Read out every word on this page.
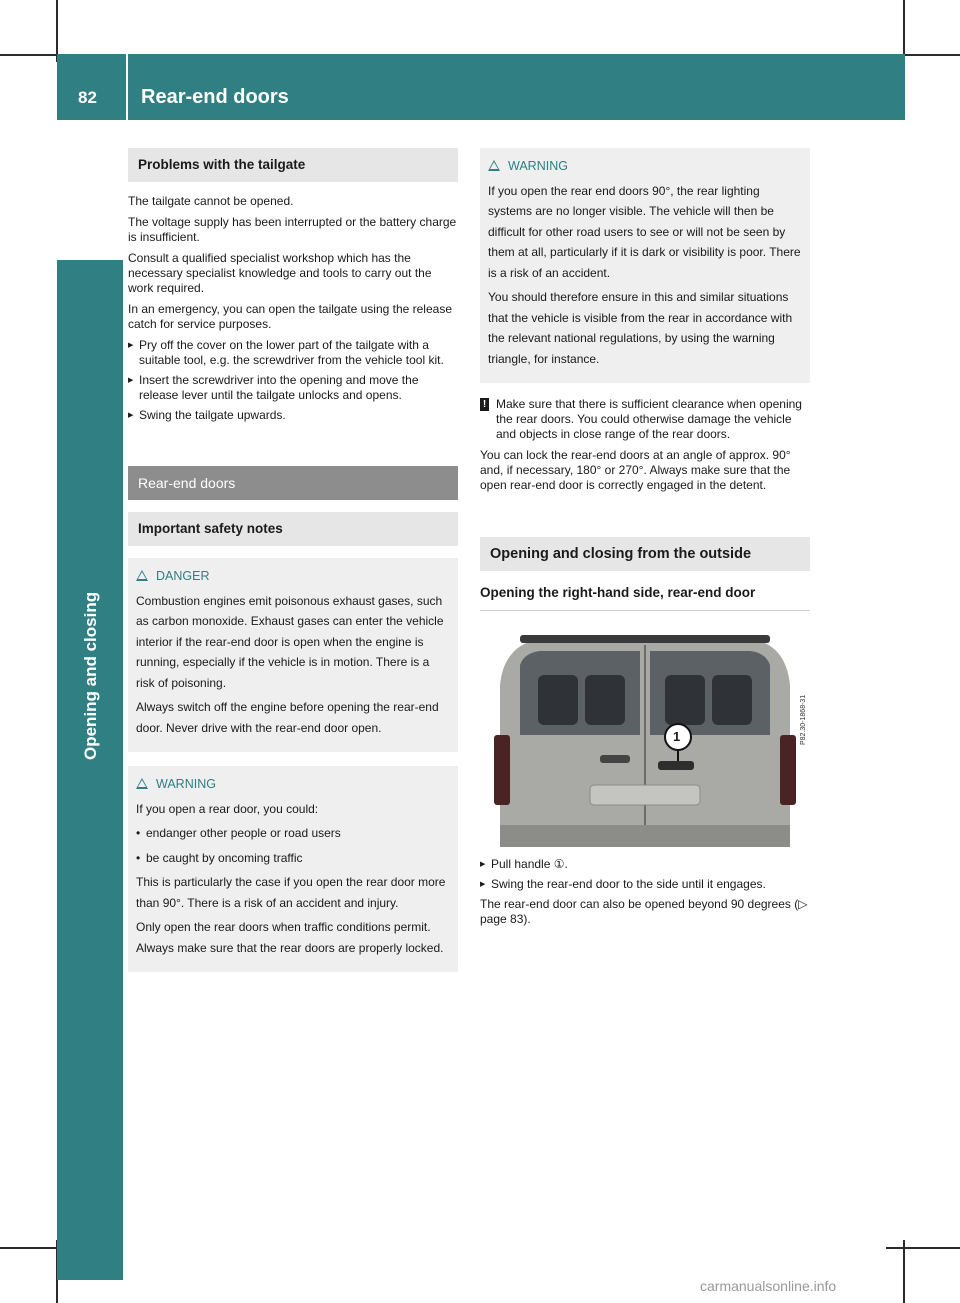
82 Rear-end doors
Opening and closing
Problems with the tailgate

The tailgate cannot be opened.

The voltage supply has been interrupted or the battery charge is insufficient.

Consult a qualified specialist workshop which has the necessary specialist knowledge and tools to carry out the work required.

In an emergency, you can open the tailgate using the release catch for service purposes.

▶ Pry off the cover on the lower part of the tailgate with a suitable tool, e.g. the screwdriver from the vehicle tool kit.
▶ Insert the screwdriver into the opening and move the release lever until the tailgate unlocks and opens.
▶ Swing the tailgate upwards.
Rear-end doors
Important safety notes
DANGER

Combustion engines emit poisonous exhaust gases, such as carbon monoxide. Exhaust gases can enter the vehicle interior if the rear-end door is open when the engine is running, especially if the vehicle is in motion. There is a risk of poisoning.

Always switch off the engine before opening the rear-end door. Never drive with the rear-end door open.

WARNING

If you open a rear door, you could:

• endanger other people or road users
• be caught by oncoming traffic

This is particularly the case if you open the rear door more than 90°. There is a risk of an accident and injury.

Only open the rear doors when traffic conditions permit. Always make sure that the rear doors are properly locked.

WARNING

If you open the rear end doors 90°, the rear lighting systems are no longer visible. The vehicle will then be difficult for other road users to see or will not be seen by them at all, particularly if it is dark or visibility is poor. There is a risk of an accident.

You should therefore ensure in this and similar situations that the vehicle is visible from the rear in accordance with the relevant national regulations, by using the warning triangle, for instance.

! Make sure that there is sufficient clearance when opening the rear doors. You could otherwise damage the vehicle and objects in close range of the rear doors.

You can lock the rear-end doors at an angle of approx. 90° and, if necessary, 180° or 270°. Always make sure that the open rear-end door is correctly engaged in the detent.

Opening and closing from the outside
Opening the right-hand side, rear-end door
1	P82.30-1868-31
▶ Pull handle ①.
▶ Swing the rear-end door to the side until it engages.

The rear-end door can also be opened beyond 90 degrees (▷ page 83).

carmanualsonline.info
